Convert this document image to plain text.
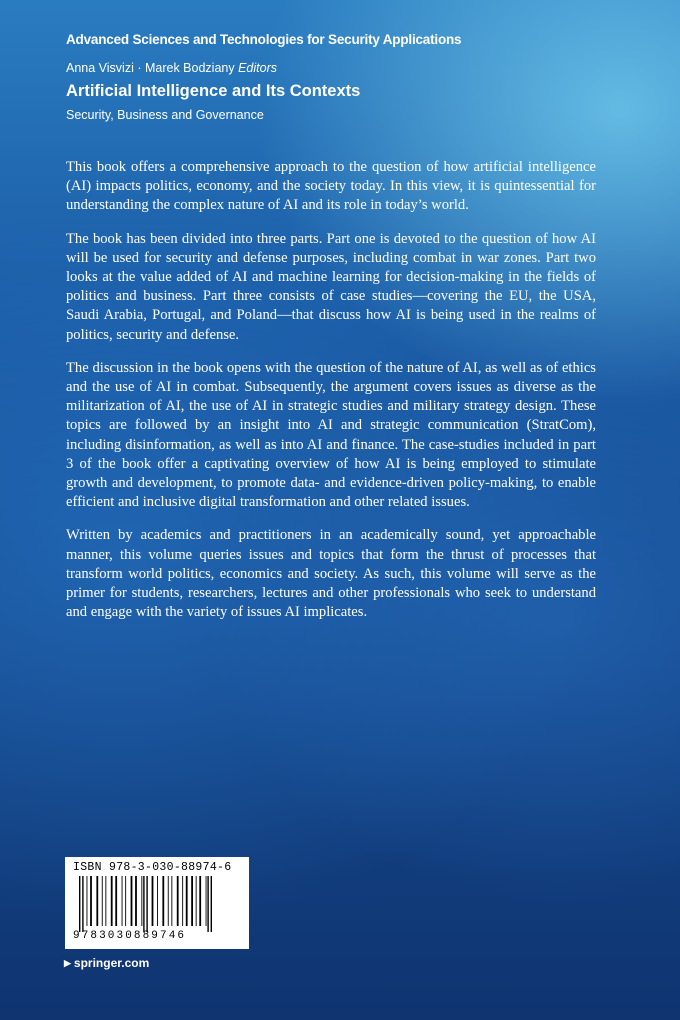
Advanced Sciences and Technologies for Security Applications
Anna Visvizi · Marek Bodziany Editors
Artificial Intelligence and Its Contexts
Security, Business and Governance

This book offers a comprehensive approach to the question of how artificial intelligence (AI) impacts politics, economy, and the society today. In this view, it is quintessential for understanding the complex nature of AI and its role in today’s world.

The book has been divided into three parts. Part one is devoted to the question of how AI will be used for security and defense purposes, including combat in war zones. Part two looks at the value added of AI and machine learning for decision-making in the fields of politics and business. Part three consists of case studies—covering the EU, the USA, Saudi Arabia, Portugal, and Poland—that discuss how AI is being used in the realms of politics, security and defense.

The discussion in the book opens with the question of the nature of AI, as well as of ethics and the use of AI in combat. Subsequently, the argument covers issues as diverse as the militarization of AI, the use of AI in strategic studies and military strategy design. These topics are followed by an insight into AI and strategic communication (StratCom), including disinformation, as well as into AI and finance. The case-studies included in part 3 of the book offer a captivating overview of how AI is being employed to stimulate growth and development, to promote data- and evidence-driven policy-making, to enable efficient and inclusive digital transformation and other related issues.

Written by academics and practitioners in an academically sound, yet approachable manner, this volume queries issues and topics that form the thrust of processes that transform world politics, economics and society. As such, this volume will serve as the primer for students, researchers, lectures and other professionals who seek to understand and engage with the variety of issues AI implicates.

ISBN 978-3-030-88974-6
9783030889746
▶ springer.com
